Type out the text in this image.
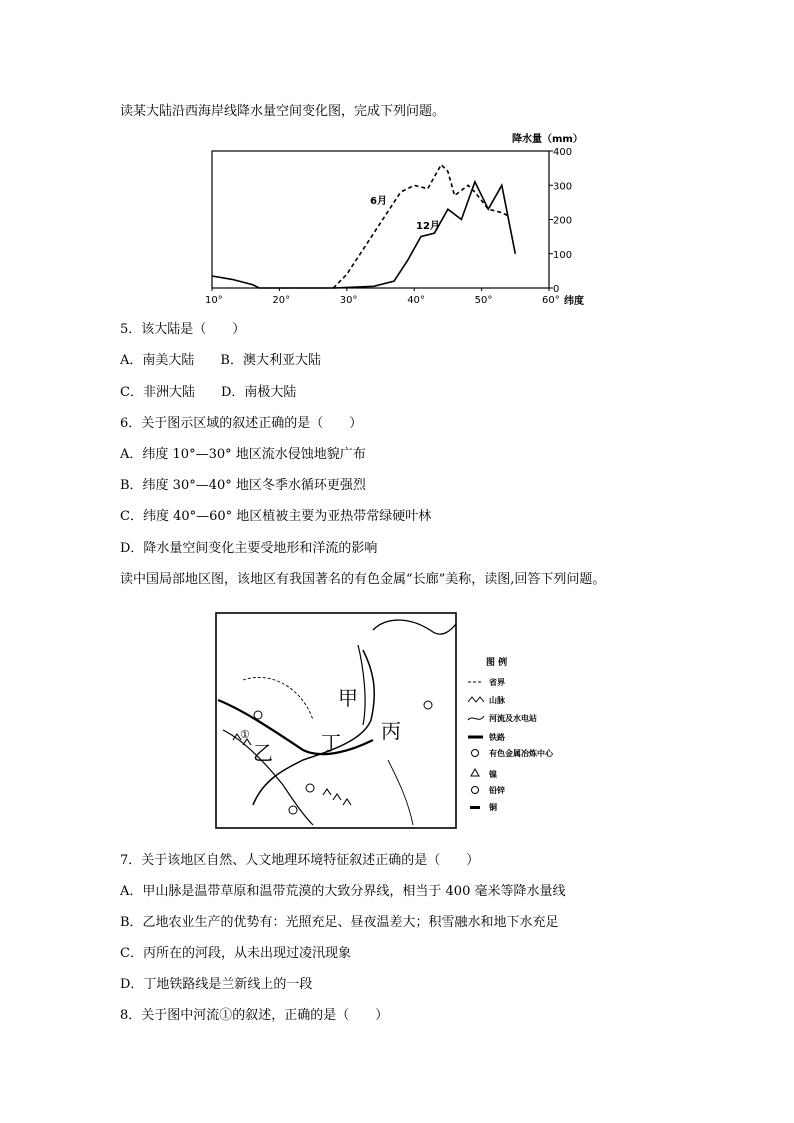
读某大陆沿西海岸线降水量空间变化图，完成下列问题。
降水量（mm）
0
100
200
300
400
10°	20°	30°	40°	50°	60° 纬度
6月
12月
5．该大陆是（　　）
A．南美大陆　　B．澳大利亚大陆
C．非洲大陆　　D．南极大陆
6．关于图示区域的叙述正确的是（　　）
A．纬度 10°—30° 地区流水侵蚀地貌广布
B．纬度 30°—40° 地区冬季水循环更强烈
C．纬度 40°—60° 地区植被主要为亚热带常绿硬叶林
D．降水量空间变化主要受地形和洋流的影响
读中国局部地区图，该地区有我国著名的有色金属“长廊”美称，读图,回答下列问题。
甲
乙
丙
丁
①
图 例
省界
山脉
河流及水电站
铁路
有色金属冶炼中心
镍
铅锌
铜
7．关于该地区自然、人文地理环境特征叙述正确的是（　　）
A．甲山脉是温带草原和温带荒漠的大致分界线，相当于 400 毫米等降水量线
B．乙地农业生产的优势有：光照充足、昼夜温差大；积雪融水和地下水充足
C．丙所在的河段，从未出现过凌汛现象
D．丁地铁路线是兰新线上的一段
8．关于图中河流①的叙述，正确的是（　　）
